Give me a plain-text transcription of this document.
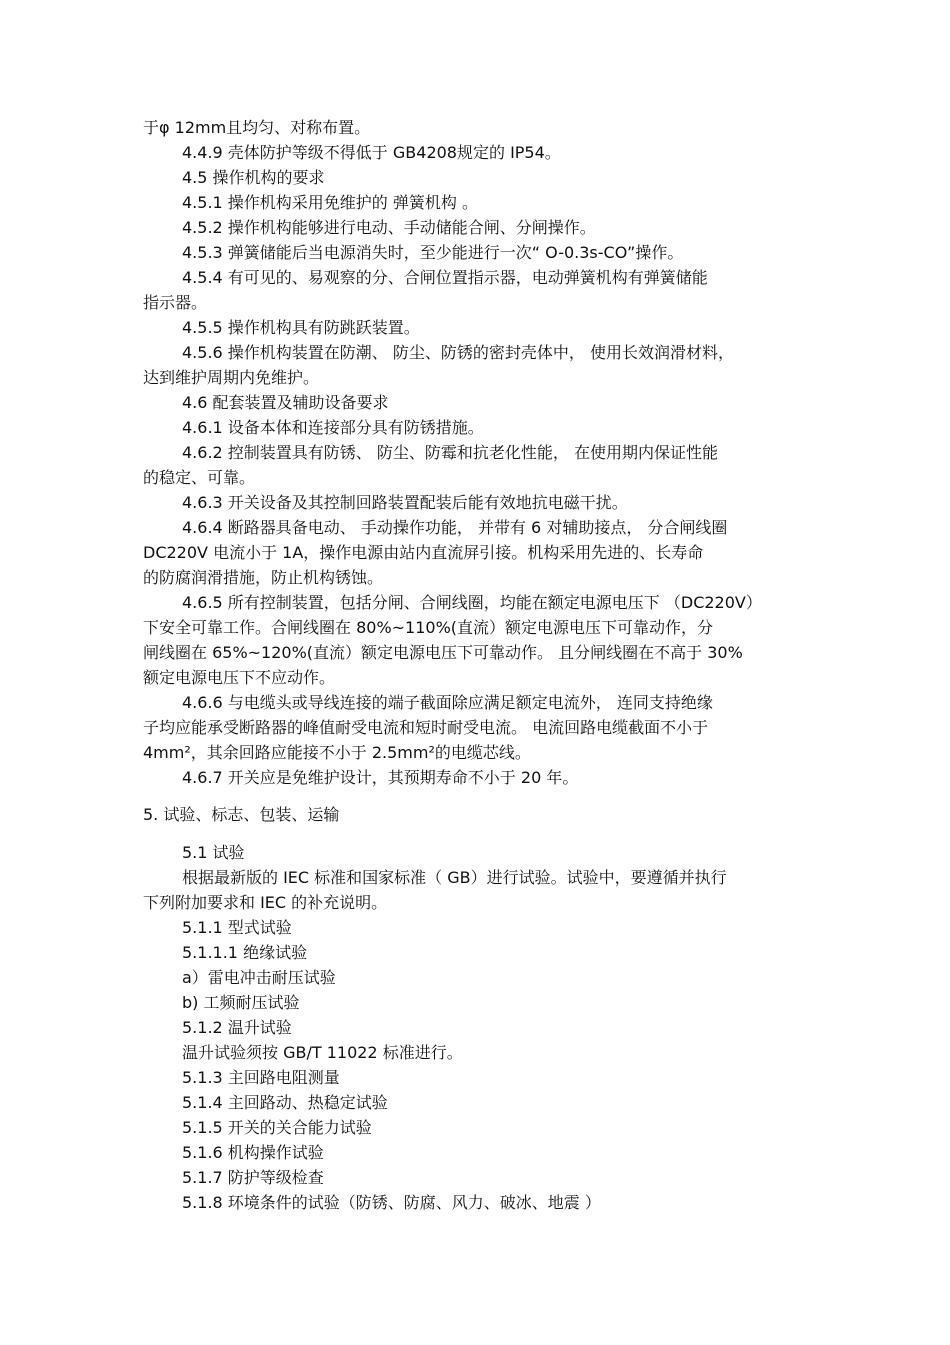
于φ 12mm且均匀、对称布置。
4.4.9 壳体防护等级不得低于 GB4208规定的 IP54。
4.5 操作机构的要求
4.5.1 操作机构采用免维护的 弹簧机构 。
4.5.2 操作机构能够进行电动、手动储能合闸、分闸操作。
4.5.3 弹簧储能后当电源消失时，至少能进行一次“ O-0.3s-CO”操作。
4.5.4 有可见的、易观察的分、合闸位置指示器，电动弹簧机构有弹簧储能
指示器。
4.5.5 操作机构具有防跳跃装置。
4.5.6 操作机构装置在防潮、 防尘、防锈的密封壳体中， 使用长效润滑材料，
达到维护周期内免维护。
4.6 配套装置及辅助设备要求
4.6.1 设备本体和连接部分具有防锈措施。
4.6.2 控制装置具有防锈、 防尘、防霉和抗老化性能， 在使用期内保证性能
的稳定、可靠。
4.6.3 开关设备及其控制回路装置配装后能有效地抗电磁干扰。
4.6.4 断路器具备电动、 手动操作功能， 并带有 6 对辅助接点， 分合闸线圈
DC220V 电流小于 1A，操作电源由站内直流屏引接。机构采用先进的、长寿命
的防腐润滑措施，防止机构锈蚀。
4.6.5 所有控制装置，包括分闸、合闸线圈，均能在额定电源电压下 （DC220V）
下安全可靠工作。合闸线圈在 80%~110%(直流）额定电源电压下可靠动作，分
闸线圈在 65%~120%(直流）额定电源电压下可靠动作。 且分闸线圈在不高于 30%
额定电源电压下不应动作。
4.6.6 与电缆头或导线连接的端子截面除应满足额定电流外， 连同支持绝缘
子均应能承受断路器的峰值耐受电流和短时耐受电流。 电流回路电缆截面不小于
4mm²，其余回路应能接不小于 2.5mm²的电缆芯线。
4.6.7 开关应是免维护设计，其预期寿命不小于 20 年。
5. 试验、标志、包装、运输
5.1 试验
根据最新版的 IEC 标准和国家标准（ GB）进行试验。试验中，要遵循并执行
下列附加要求和 IEC 的补充说明。
5.1.1 型式试验
5.1.1.1 绝缘试验
a）雷电冲击耐压试验
b) 工频耐压试验
5.1.2 温升试验
温升试验须按 GB/T 11022 标准进行。
5.1.3 主回路电阻测量
5.1.4 主回路动、热稳定试验
5.1.5 开关的关合能力试验
5.1.6 机构操作试验
5.1.7 防护等级检查
5.1.8 环境条件的试验（防锈、防腐、风力、破冰、地震 ）
